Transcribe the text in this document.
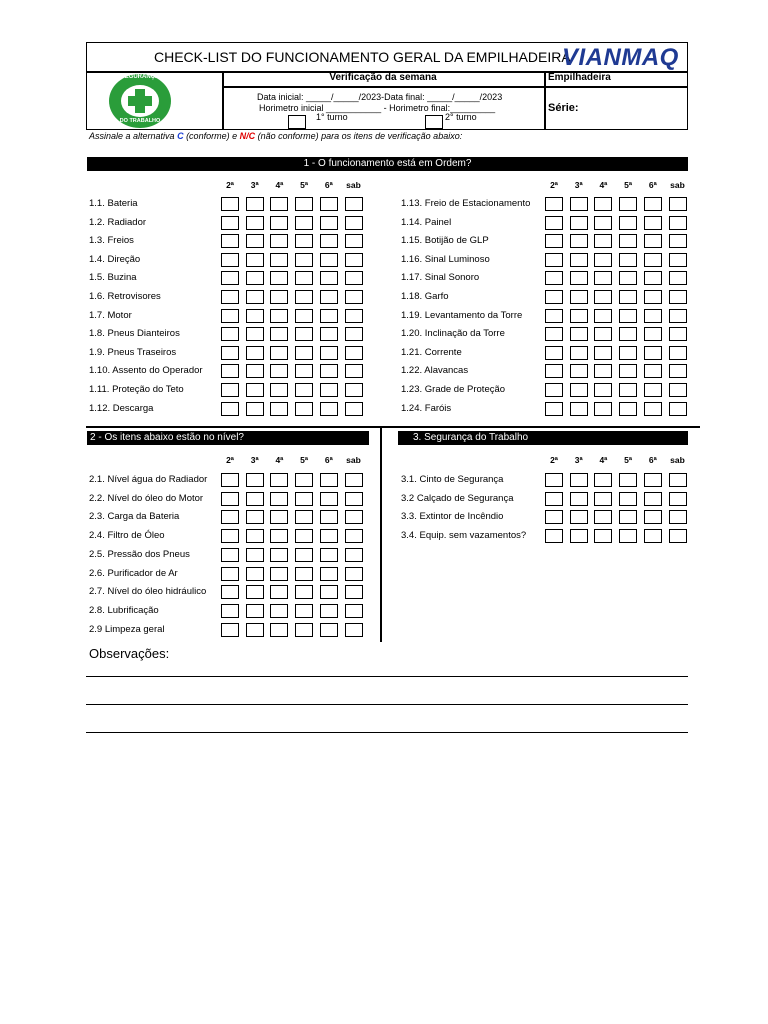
CHECK-LIST DO FUNCIONAMENTO GERAL DA EMPILHADEIRA
VIANMAQ
SEGURANÇA
DO TRABALHO
Verificação da semana	Empilhadeira
Série:
Data inicial: _____/_____/2023-Data final: _____/_____/2023
Horimetro inicial ___________ - Horimetro final:_________
1° turno	2° turno
Assinale a alternativa C (conforme) e N/C (não conforme) para os itens de verificação abaixo:
1 - O funcionamento está em Ordem?
2ª	3ª	4ª	5ª	6ª	sab	2ª	3ª	4ª	5ª	6ª	sab
1.1. Bateria
1.2. Radiador
1.3. Freios
1.4. Direção
1.5. Buzina
1.6. Retrovisores
1.7. Motor
1.8. Pneus Dianteiros
1.9. Pneus Traseiros
1.10. Assento do Operador
1.11. Proteção do Teto
1.12. Descarga
1.13. Freio de Estacionamento
1.14. Painel
1.15. Botijão de GLP
1.16. Sinal Luminoso
1.17. Sinal Sonoro
1.18. Garfo
1.19. Levantamento da Torre
1.20. Inclinação da Torre
1.21. Corrente
1.22. Alavancas
1.23. Grade de Proteção
1.24. Faróis
2ª	3ª	4ª	5ª	6ª	sab	2ª	3ª	4ª	5ª	6ª	sab
2.1. Nível água do Radiador
2.2. Nível do óleo do Motor
2.3. Carga da Bateria
2.4. Filtro de Óleo
2.5. Pressão dos Pneus
2.6. Purificador de Ar
2.7. Nível do óleo hidráulico
2.8. Lubrificação
2.9 Limpeza geral
3.1. Cinto de Segurança
3.2 Calçado de Segurança
3.3. Extintor de Incêndio
3.4. Equip. sem vazamentos?
2 - Os itens abaixo estão no nível?	3. Segurança do Trabalho
Observações:
